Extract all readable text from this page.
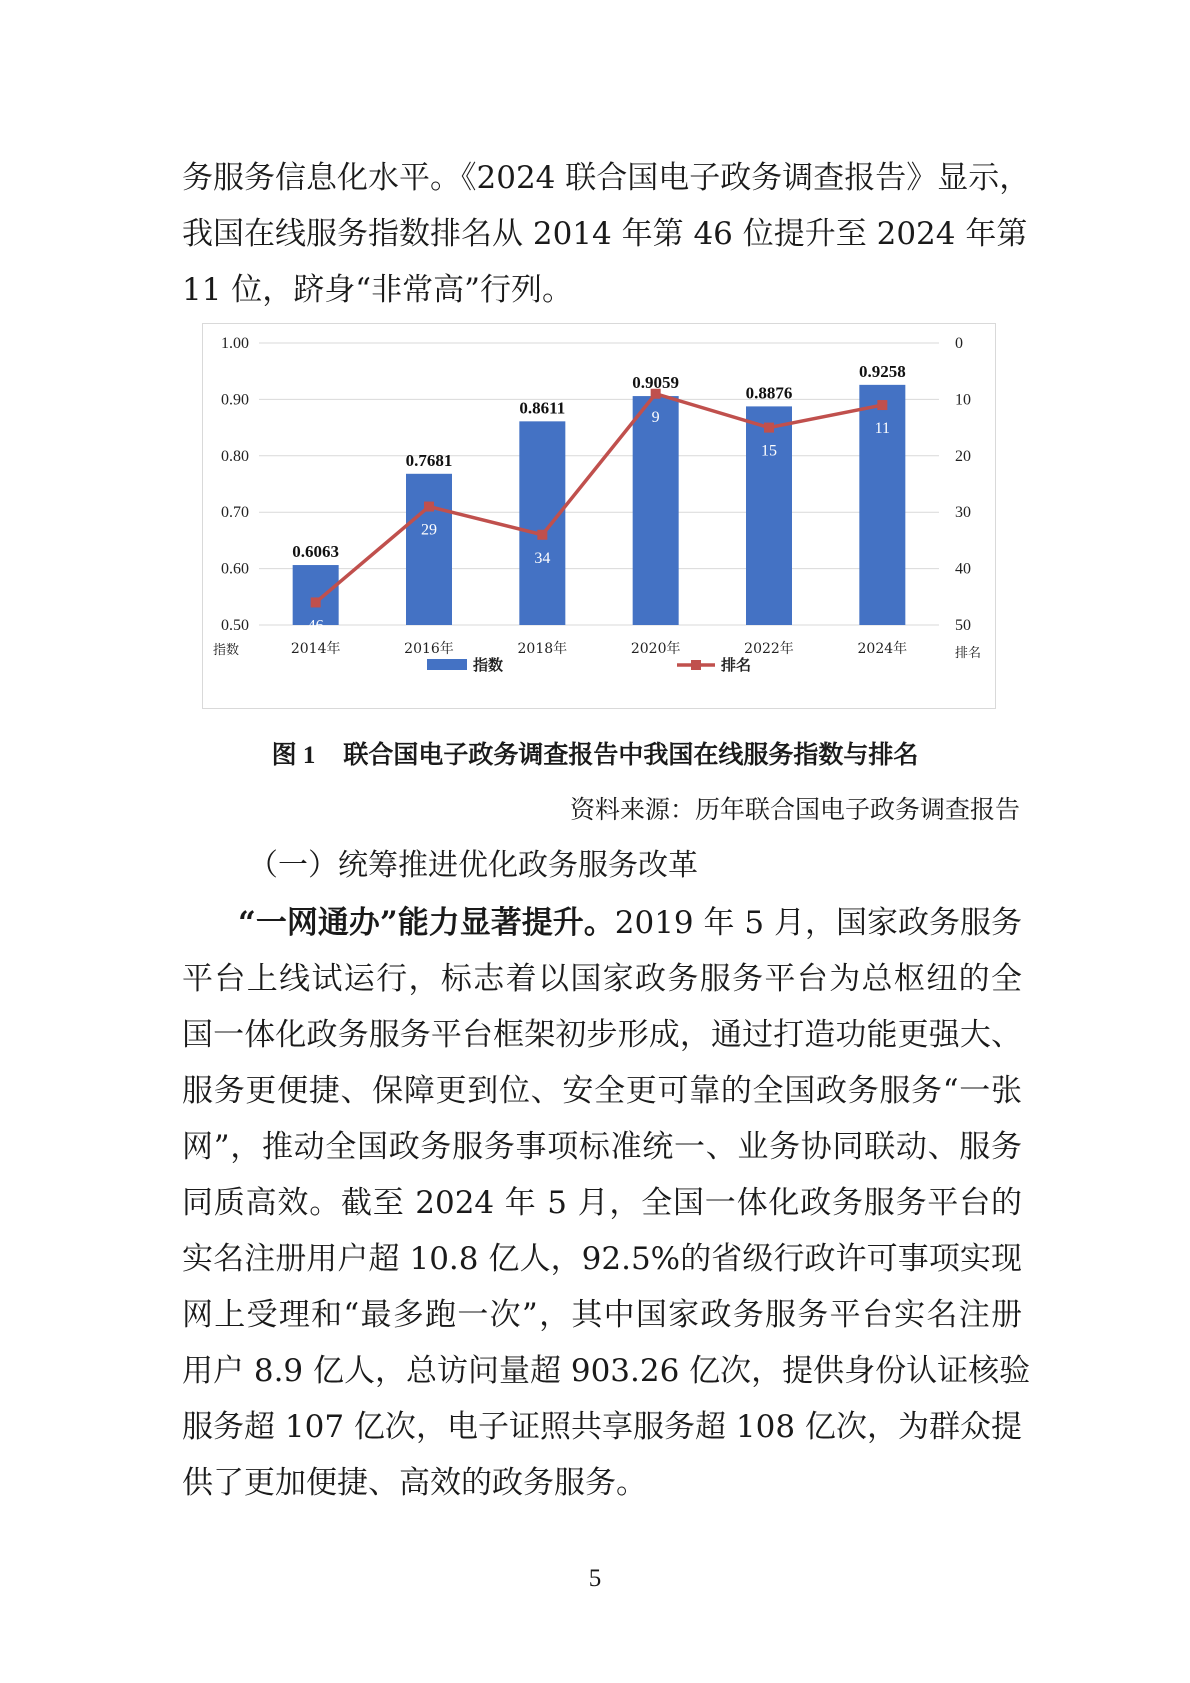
务服务信息化水平。《2024 联合国电子政务调查报告》显示，
我国在线服务指数排名从 2014 年第 46 位提升至 2024 年第
11 位，跻身“非常高”行列。
0.6063
46
0.7681
29
0.8611
34
0.9059
9
0.8876
15
0.9258
11
1.00
0.90
0.80
0.70
0.60
0.50
0
10
20
30
40
50
指数	排名
2014年	2016年	2018年	2020年	2022年	2024年
指数	排名
图 1 联合国电子政务调查报告中我国在线服务指数与排名
资料来源：历年联合国电子政务调查报告
（一）统筹推进优化政务服务改革
“一网通办”能力显著提升。2019 年 5 月，国家政务服务
平台上线试运行，标志着以国家政务服务平台为总枢纽的全
国一体化政务服务平台框架初步形成，通过打造功能更强大、
服务更便捷、保障更到位、安全更可靠的全国政务服务“一张
网”，推动全国政务服务事项标准统一、业务协同联动、服务
同质高效。截至 2024 年 5 月，全国一体化政务服务平台的
实名注册用户超 10.8 亿人，92.5%的省级行政许可事项实现
网上受理和“最多跑一次”，其中国家政务服务平台实名注册
用户 8.9 亿人，总访问量超 903.26 亿次，提供身份认证核验
服务超 107 亿次，电子证照共享服务超 108 亿次，为群众提
供了更加便捷、高效的政务服务。
5
